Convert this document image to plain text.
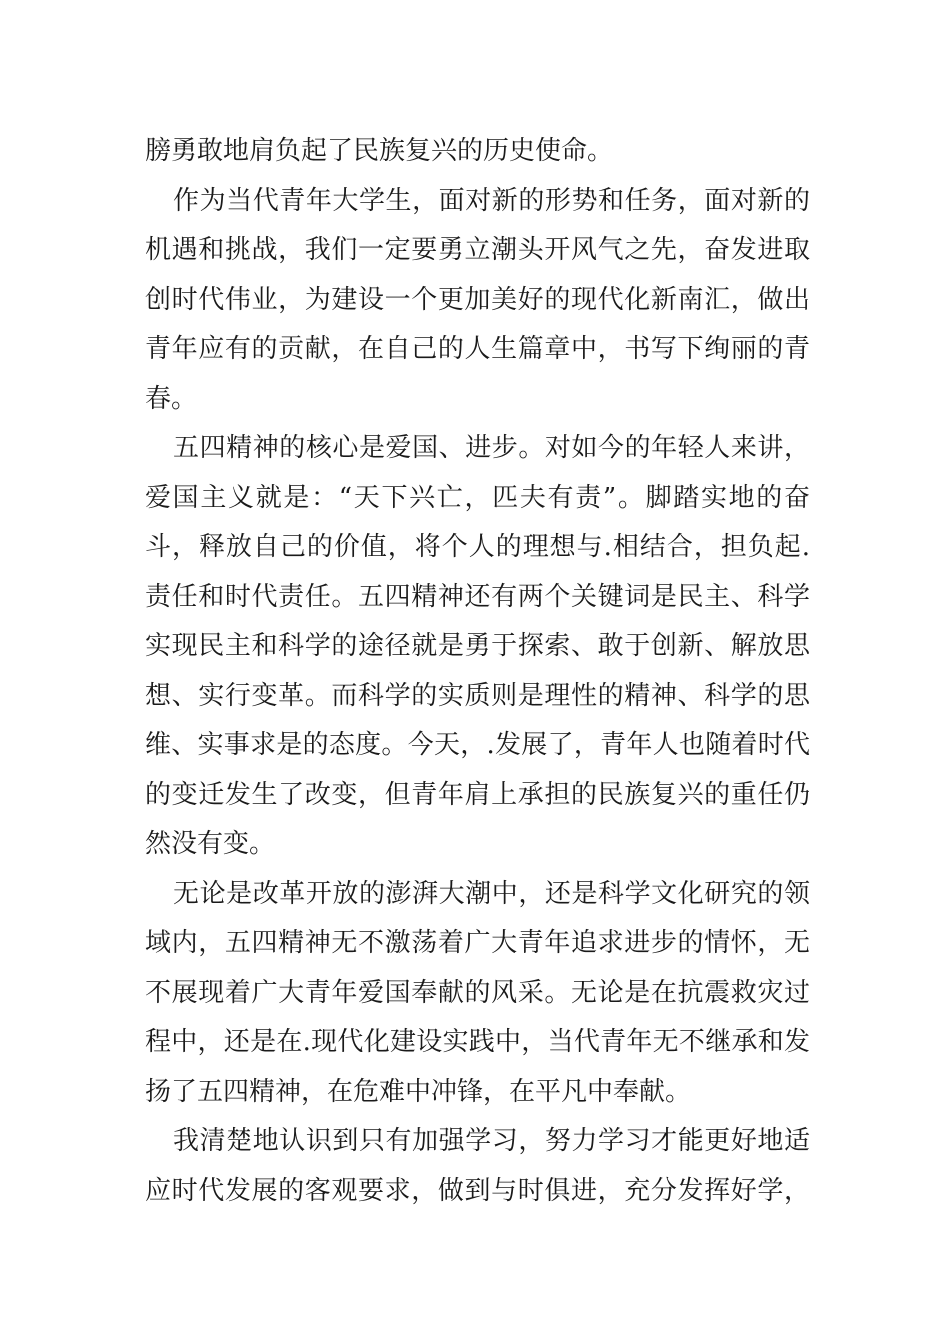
膀勇敢地肩负起了民族复兴的历史使命。
作为当代青年大学生，面对新的形势和任务，面对新的
机遇和挑战，我们一定要勇立潮头开风气之先，奋发进取
创时代伟业，为建设一个更加美好的现代化新南汇，做出
青年应有的贡献，在自己的人生篇章中，书写下绚丽的青
春。
五四精神的核心是爱国、进步。对如今的年轻人来讲，
爱国主义就是：“天下兴亡，匹夫有责”。脚踏实地的奋
斗，释放自己的价值，将个人的理想与.相结合，担负起.
责任和时代责任。五四精神还有两个关键词是民主、科学
实现民主和科学的途径就是勇于探索、敢于创新、解放思
想、实行变革。而科学的实质则是理性的精神、科学的思
维、实事求是的态度。今天，.发展了，青年人也随着时代
的变迁发生了改变，但青年肩上承担的民族复兴的重任仍
然没有变。
无论是改革开放的澎湃大潮中，还是科学文化研究的领
域内，五四精神无不激荡着广大青年追求进步的情怀，无
不展现着广大青年爱国奉献的风采。无论是在抗震救灾过
程中，还是在.现代化建设实践中，当代青年无不继承和发
扬了五四精神，在危难中冲锋，在平凡中奉献。
我清楚地认识到只有加强学习，努力学习才能更好地适
应时代发展的客观要求，做到与时俱进，充分发挥好学，
